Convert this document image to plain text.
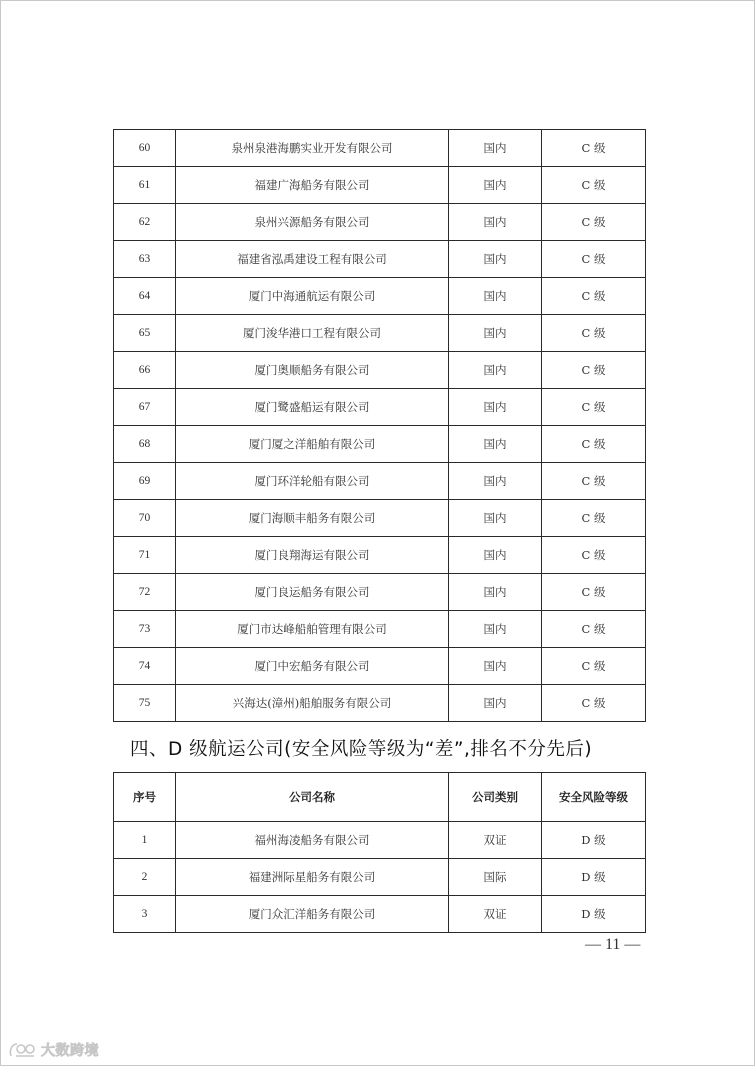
60	泉州泉港海鹏实业开发有限公司	国内	C 级
61	福建广海船务有限公司	国内	C 级
62	泉州兴源船务有限公司	国内	C 级
63	福建省泓禹建设工程有限公司	国内	C 级
64	厦门中海通航运有限公司	国内	C 级
65	厦门浚华港口工程有限公司	国内	C 级
66	厦门奥顺船务有限公司	国内	C 级
67	厦门鹭盛船运有限公司	国内	C 级
68	厦门厦之洋船舶有限公司	国内	C 级
69	厦门环洋轮船有限公司	国内	C 级
70	厦门海顺丰船务有限公司	国内	C 级
71	厦门良翔海运有限公司	国内	C 级
72	厦门良运船务有限公司	国内	C 级
73	厦门市达峰船舶管理有限公司	国内	C 级
74	厦门中宏船务有限公司	国内	C 级
75	兴海达(漳州)船舶服务有限公司	国内	C 级
四、D 级航运公司(安全风险等级为“差”,排名不分先后)
序号	公司名称	公司类别	安全风险等级
1	福州海凌船务有限公司	双证	D 级
2	福建洲际星船务有限公司	国际	D 级
3	厦门众汇洋船务有限公司	双证	D 级
— 11 —
大数跨境
